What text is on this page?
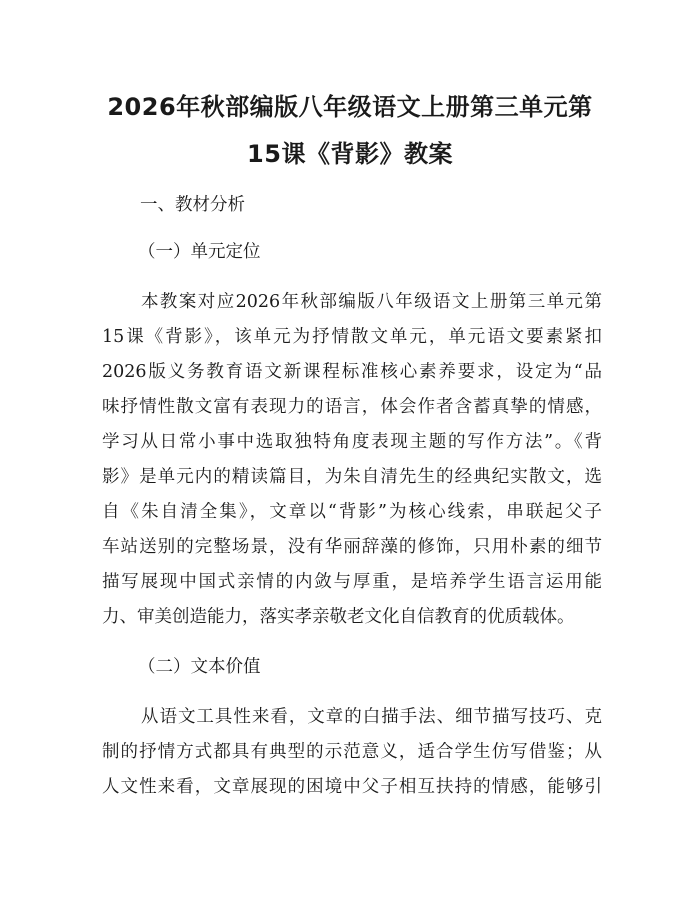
2026年秋部编版八年级语文上册第三单元第
15课《背影》教案
一、教材分析
（一）单元定位
本教案对应2026年秋部编版八年级语文上册第三单元第
15课《背影》，该单元为抒情散文单元，单元语文要素紧扣
2026版义务教育语文新课程标准核心素养要求，设定为“品
味抒情性散文富有表现力的语言，体会作者含蓄真挚的情感，
学习从日常小事中选取独特角度表现主题的写作方法”。《背
影》是单元内的精读篇目，为朱自清先生的经典纪实散文，选
自《朱自清全集》，文章以“背影”为核心线索，串联起父子
车站送别的完整场景，没有华丽辞藻的修饰，只用朴素的细节
描写展现中国式亲情的内敛与厚重，是培养学生语言运用能
力、审美创造能力，落实孝亲敬老文化自信教育的优质载体。
（二）文本价值
从语文工具性来看，文章的白描手法、细节描写技巧、克
制的抒情方式都具有典型的示范意义，适合学生仿写借鉴；从
人文性来看，文章展现的困境中父子相互扶持的情感，能够引
